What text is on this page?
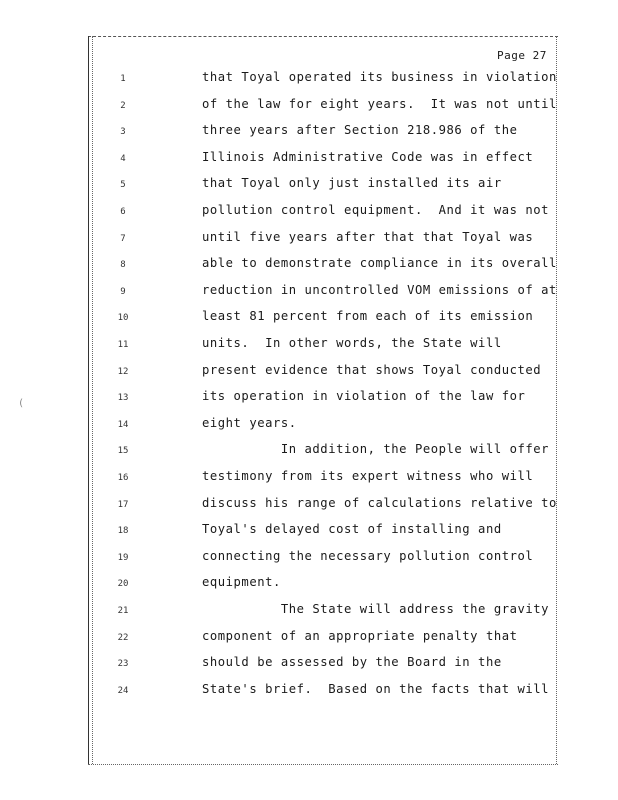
Page 27
1	that Toyal operated its business in violation
2	of the law for eight years.  It was not until
3	three years after Section 218.986 of the
4	Illinois Administrative Code was in effect
5	that Toyal only just installed its air
6	pollution control equipment.  And it was not
7	until five years after that that Toyal was
8	able to demonstrate compliance in its overall
9	reduction in uncontrolled VOM emissions of at
10	least 81 percent from each of its emission
11	units.  In other words, the State will
12	present evidence that shows Toyal conducted
13	its operation in violation of the law for
14	eight years.
15	In addition, the People will offer
16	testimony from its expert witness who will
17	discuss his range of calculations relative to
18	Toyal's delayed cost of installing and
19	connecting the necessary pollution control
20	equipment.
21	The State will address the gravity
22	component of an appropriate penalty that
23	should be assessed by the Board in the
24	State's brief.  Based on the facts that will
(
